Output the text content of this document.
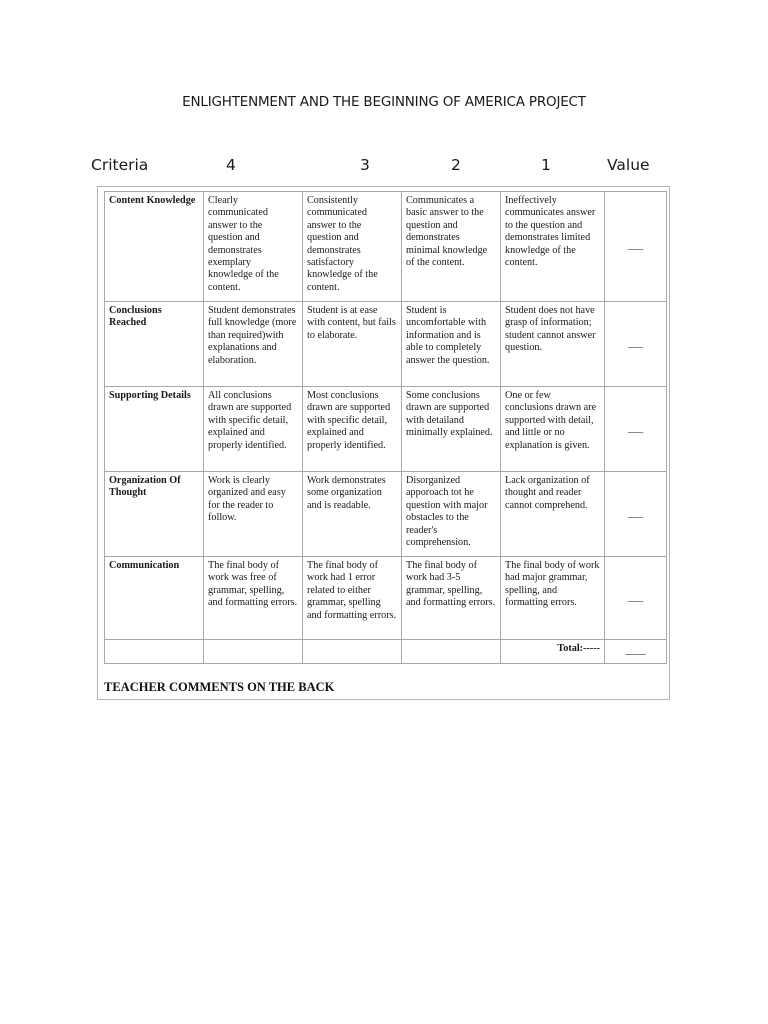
ENLIGHTENMENT AND THE BEGINNING OF AMERICA PROJECT
Criteria	4	3	2	1	Value
Content Knowledge	Clearly communicated answer to the question and demonstrates exemplary knowledge of the content.	Consistently communicated answer to the question and demonstrates satisfactory knowledge of the content.	Communicates a basic answer to the question and demonstrates minimal knowledge of the content.	Ineffectively communicates answer to the question and demonstrates limited knowledge of the content.	___
Conclusions Reached	Student demonstrates full knowledge (more than required)with explanations and elaboration.	Student is at ease with content, but fails to elaborate.	Student is uncomfortable with information and is able to completely answer the question.	Student does not have grasp of information; student cannot answer question.	___
Supporting Details	All conclusions drawn are supported with specific detail, explained and properly identified.	Most conclusions drawn are supported with specific detail, explained and properly identified.	Some conclusions drawn are supported with detailand minimally explained.	One or few conclusions drawn are supported with detail, and little or no explanation is given.	___
Organization Of Thought	Work is clearly organized and easy for the reader to follow.	Work demonstrates some organization and is readable.	Disorganized apporoach tot he question with major obstacles to the reader's comprehension.	Lack organization of thought and reader cannot comprehend.	___
Communication	The final body of work was free of grammar, spelling, and formatting errors.	The final body of work had 1 error related to either grammar, spelling and formatting errors.	The final body of work had 3-5 grammar, spelling, and formatting errors.	The final body of work had major grammar, spelling, and formatting errors.	___

				Total:-----	____
TEACHER COMMENTS ON THE BACK
